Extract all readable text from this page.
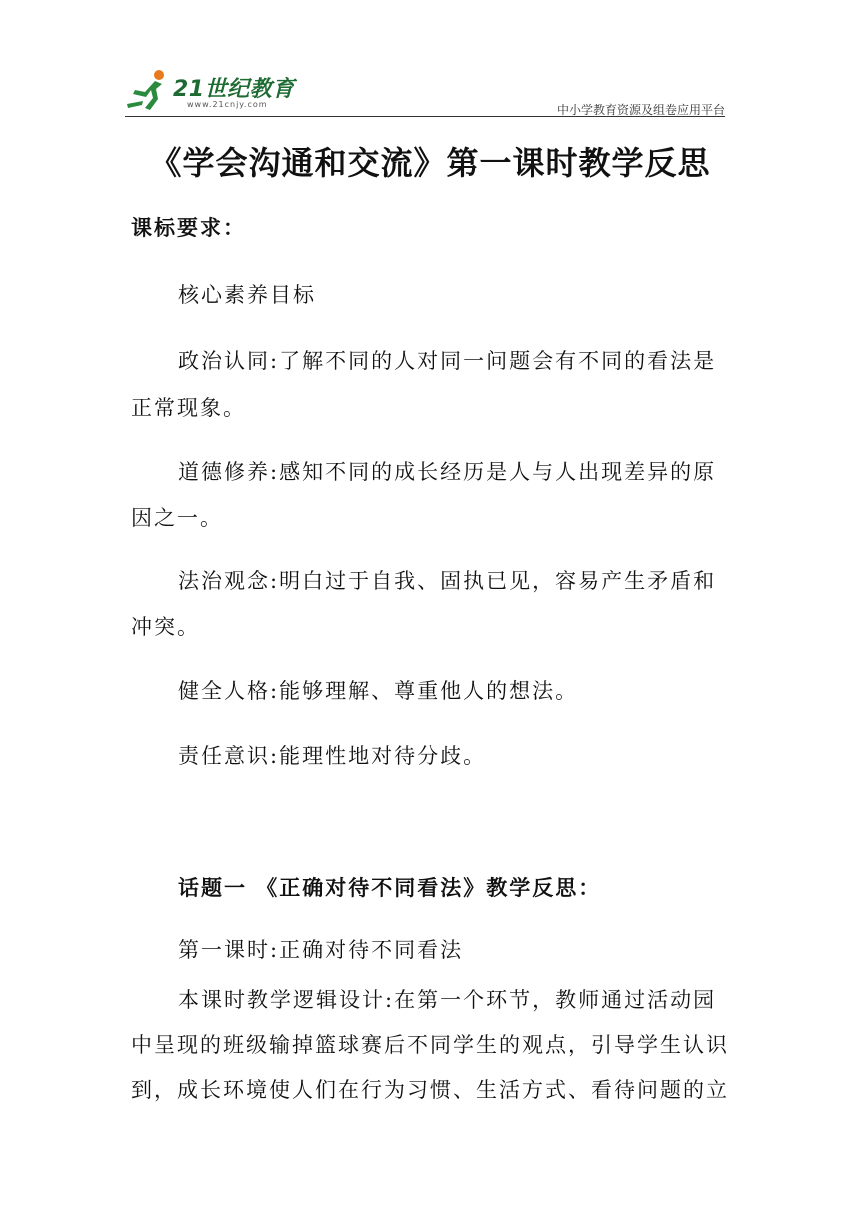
21世纪教育
www.21cnjy.com	中小学教育资源及组卷应用平台
《学会沟通和交流》第一课时教学反思
课标要求：
核心素养目标
政治认同:了解不同的人对同一问题会有不同的看法是
正常现象。
道德修养:感知不同的成长经历是人与人出现差异的原
因之一。
法治观念:明白过于自我、固执已见，容易产生矛盾和
冲突。
健全人格:能够理解、尊重他人的想法。
责任意识:能理性地对待分歧。
话题一 《正确对待不同看法》教学反思：
第一课时:正确对待不同看法
本课时教学逻辑设计:在第一个环节，教师通过活动园
中呈现的班级输掉篮球赛后不同学生的观点，引导学生认识
到，成长环境使人们在行为习惯、生活方式、看待问题的立
